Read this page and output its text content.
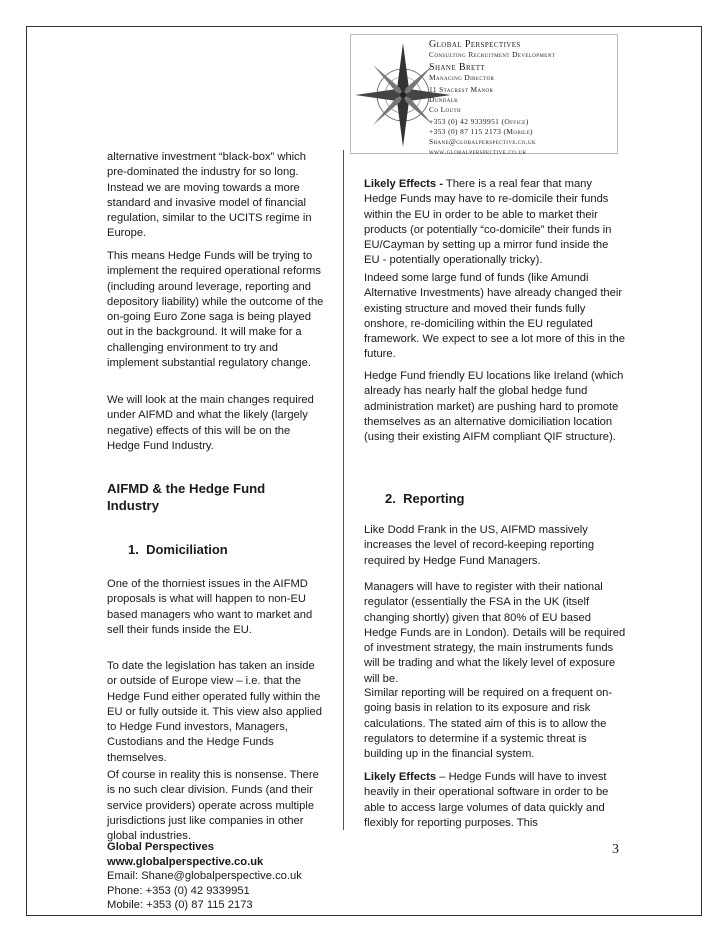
Global Perspectives
Consulting Recruitment Development
Shane Brett
Managing Director
11 Stacrest Manor
Dundalk
Co Louth
+353 (0) 42 9339951 (Office)
+353 (0) 87 115 2173 (Mobile)
Shane@globalperspective.co.uk
www.globalperspective.co.uk

alternative investment “black-box” which pre-dominated the industry for so long. Instead we are moving towards a more standard and invasive model of financial regulation, similar to the UCITS regime in Europe.

This means Hedge Funds will be trying to implement the required operational reforms (including around leverage, reporting and depository liability) while the outcome of the on-going Euro Zone saga is being played out in the background. It will make for a challenging environment to try and implement substantial regulatory change.

We will look at the main changes required under AIFMD and what the likely (largely negative) effects of this will be on the Hedge Fund Industry.

AIFMD & the Hedge Fund Industry
1. Domiciliation

One of the thorniest issues in the AIFMD proposals is what will happen to non-EU based managers who want to market and sell their funds inside the EU.

To date the legislation has taken an inside or outside of Europe view – i.e. that the Hedge Fund either operated fully within the EU or fully outside it. This view also applied to Hedge Fund investors, Managers, Custodians and the Hedge Funds themselves.

Of course in reality this is nonsense. There is no such clear division. Funds (and their service providers) operate across multiple jurisdictions just like companies in other global industries.

Likely Effects - There is a real fear that many Hedge Funds may have to re-domicile their funds within the EU in order to be able to market their products (or potentially “co-domicile” their funds in EU/Cayman by setting up a mirror fund inside the EU - potentially operationally tricky).

Indeed some large fund of funds (like Amundi Alternative Investments) have already changed their existing structure and moved their funds fully onshore, re-domiciling within the EU regulated framework. We expect to see a lot more of this in the future.

Hedge Fund friendly EU locations like Ireland (which already has nearly half the global hedge fund administration market) are pushing hard to promote themselves as an alternative domiciliation location (using their existing AIFM compliant QIF structure).

2. Reporting

Like Dodd Frank in the US, AIFMD massively increases the level of record-keeping reporting required by Hedge Fund Managers.

Managers will have to register with their national regulator (essentially the FSA in the UK (itself changing shortly) given that 80% of EU based Hedge Funds are in London). Details will be required of investment strategy, the main instruments funds will be trading and what the likely level of exposure will be.

Similar reporting will be required on a frequent on-going basis in relation to its exposure and risk calculations. The stated aim of this is to allow the regulators to determine if a systemic threat is building up in the financial system.

Likely Effects – Hedge Funds will have to invest heavily in their operational software in order to be able to access large volumes of data quickly and flexibly for reporting purposes. This

Global Perspectives
www.globalperspective.co.uk
Email: Shane@globalperspective.co.uk
Phone: +353 (0) 42 9339951
Mobile: +353 (0) 87 115 2173
3
